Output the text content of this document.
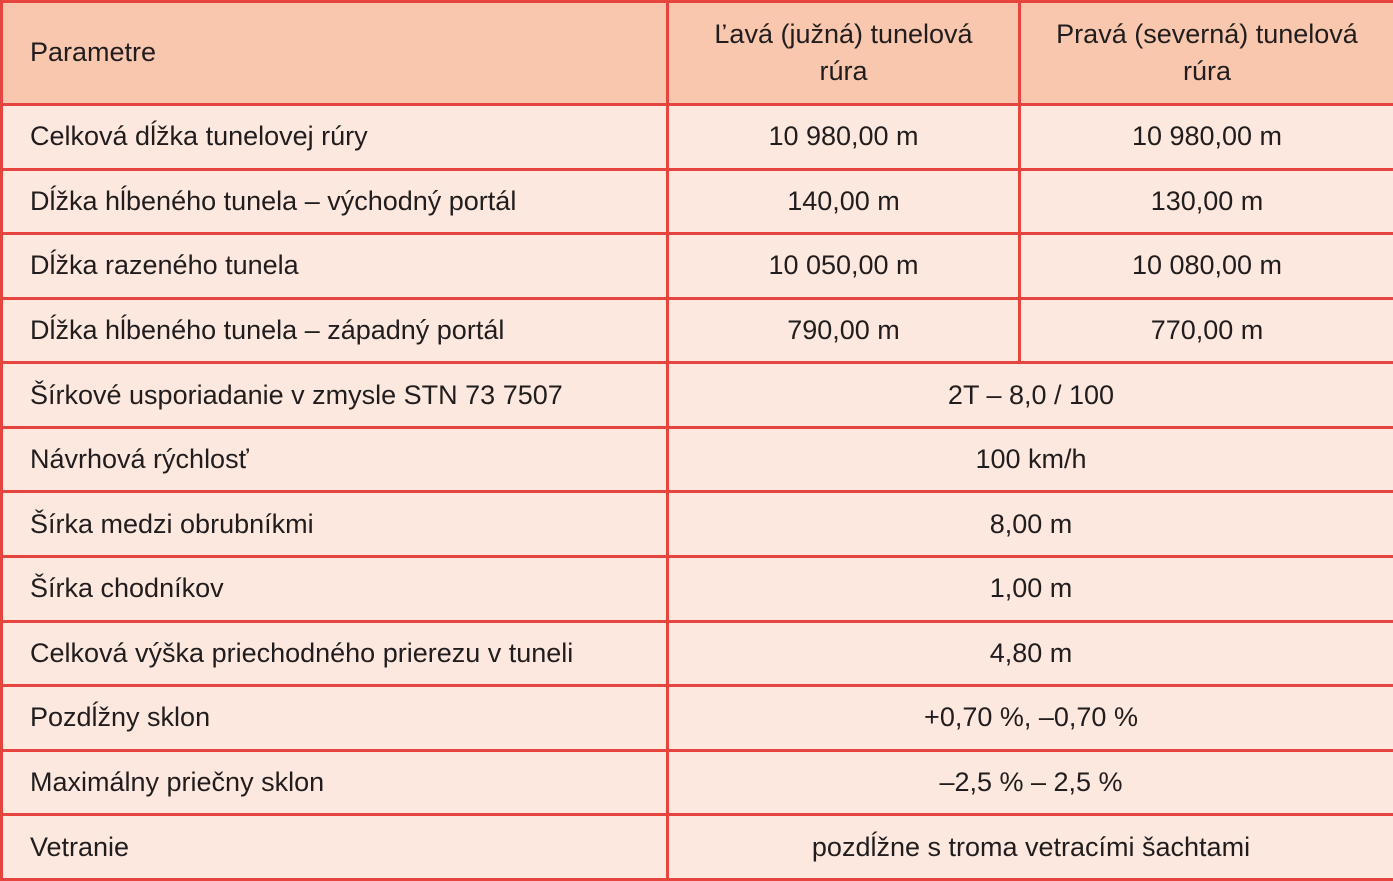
Parametre	Ľavá (južná) tunelová rúra	Pravá (severná) tunelová rúra
Celková dĺžka tunelovej rúry	10 980,00 m	10 980,00 m
Dĺžka hĺbeného tunela – východný portál	140,00 m	130,00 m
Dĺžka razeného tunela	10 050,00 m	10 080,00 m
Dĺžka hĺbeného tunela – západný portál	790,00 m	770,00 m
Šírkové usporiadanie v zmysle STN 73 7507	2T – 8,0 / 100	
Návrhová rýchlosť	100 km/h	
Šírka medzi obrubníkmi	8,00 m	
Šírka chodníkov	1,00 m	
Celková výška priechodného prierezu v tuneli	4,80 m	
Pozdĺžny sklon	+0,70 %, –0,70 %	
Maximálny priečny sklon	–2,5 % – 2,5 %	
Vetranie	pozdĺžne s troma vetracími šachtami	
